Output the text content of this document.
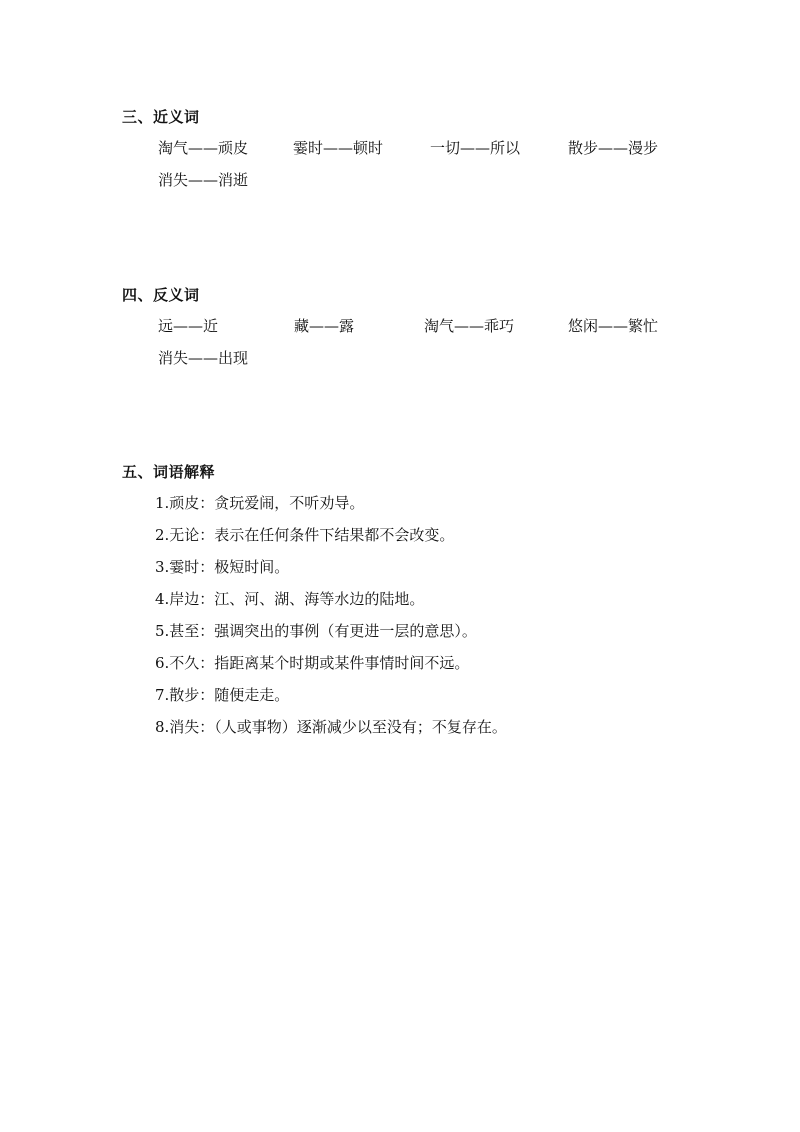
三、近义词
淘气——顽皮	霎时——顿时	一切——所以	散步——漫步
消失——消逝
四、反义词
远——近	藏——露	淘气——乖巧	悠闲——繁忙
消失——出现
五、词语解释
1.顽皮：贪玩爱闹，不听劝导。
2.无论：表示在任何条件下结果都不会改变。
3.霎时：极短时间。
4.岸边：江、河、湖、海等水边的陆地。
5.甚至：强调突出的事例（有更进一层的意思）。
6.不久：指距离某个时期或某件事情时间不远。
7.散步：随便走走。
8.消失：（人或事物）逐渐减少以至没有；不复存在。
